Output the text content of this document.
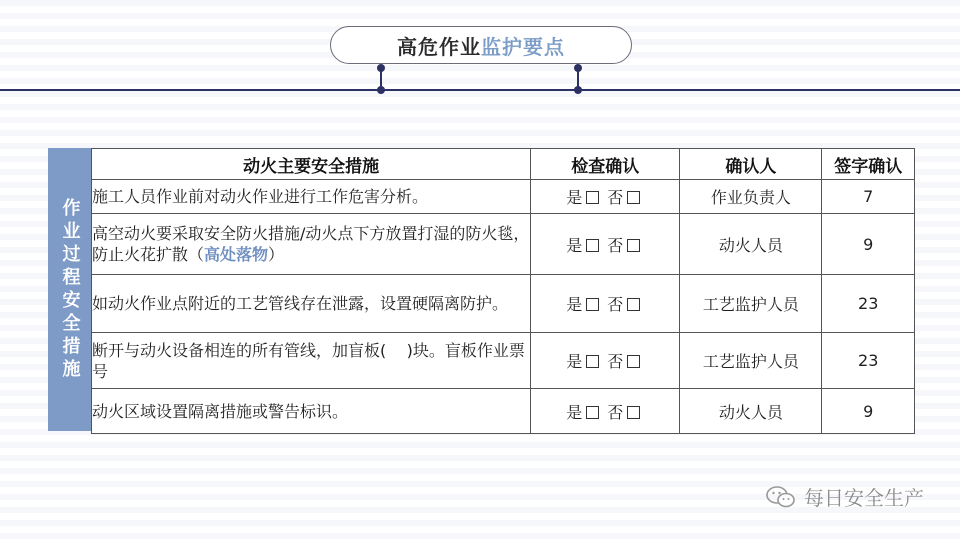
高危作业 监护要点
作业过程安全措施
动火主要安全措施	检查确认	确认人	签字确认
施工人员作业前对动火作业进行工作危害分析。	是 否	作业负责人	7
高空动火要采取安全防火措施/动火点下方放置打湿的防火毯，防止火花扩散（高处落物）	是 否	动火人员	9
如动火作业点附近的工艺管线存在泄露，设置硬隔离防护。	是 否	工艺监护人员	23
断开与动火设备相连的所有管线，加盲板(    )块。盲板作业票号	是 否	工艺监护人员	23
动火区域设置隔离措施或警告标识。	是 否	动火人员	9
每日安全生产
